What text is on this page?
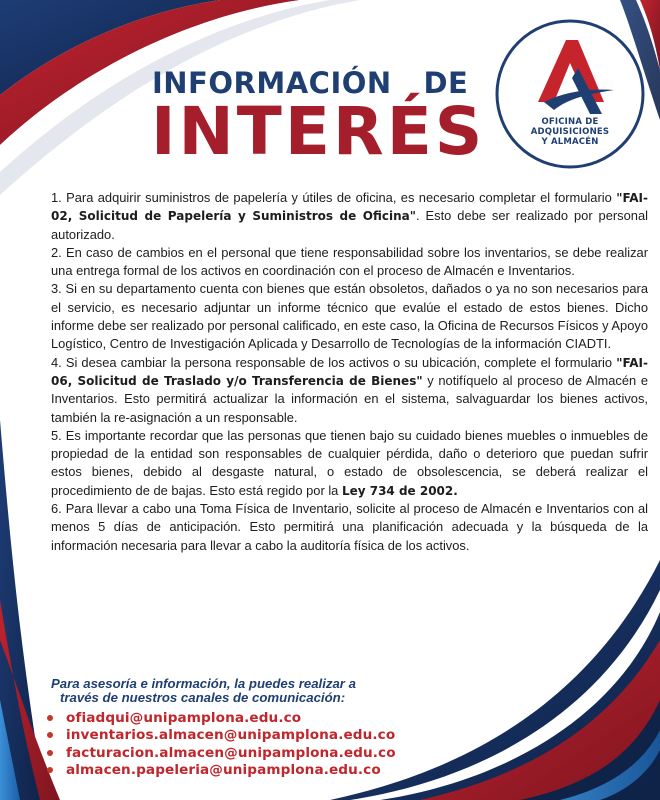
INFORMACIÓN   DE
INTERÉS	OFICINA DE
ADQUISICIONES
Y ALMACÉN

1. Para adquirir suministros de papelería y útiles de oficina, es necesario completar el formulario "FAI-02, Solicitud de Papelería y Suministros de Oficina". Esto debe ser realizado por personal autorizado.

2. En caso de cambios en el personal que tiene responsabilidad sobre los inventarios, se debe realizar una entrega formal de los activos en coordinación con el proceso de Almacén e Inventarios.

3. Si en su departamento cuenta con bienes que están obsoletos, dañados o ya no son necesarios para el servicio, es necesario adjuntar un informe técnico que evalúe el estado de estos bienes. Dicho informe debe ser realizado por personal calificado, en este caso, la Oficina de Recursos Físicos y Apoyo Logístico, Centro de Investigación Aplicada y Desarrollo de Tecnologías de la información CIADTI.

4. Si desea cambiar la persona responsable de los activos o su ubicación, complete el formulario "FAI-06, Solicitud de Traslado y/o Transferencia de Bienes" y notifíquelo al proceso de Almacén e Inventarios. Esto permitirá actualizar la información en el sistema, salvaguardar los bienes activos, también la re-asignación a un responsable.

5. Es importante recordar que las personas que tienen bajo su cuidado bienes muebles o inmuebles de propiedad de la entidad son responsables de cualquier pérdida, daño o deterioro que puedan sufrir estos bienes, debido al desgaste natural, o estado de obsolescencia, se deberá realizar el procedimiento de de bajas. Esto está regido por la Ley 734 de 2002.

6. Para llevar a cabo una Toma Física de Inventario, solicite al proceso de Almacén e Inventarios con al menos 5 días de anticipación. Esto permitirá una planificación adecuada y la búsqueda de la información necesaria para llevar a cabo la auditoría física de los activos.

Para asesoría e información, la puedes realizar a
través de nuestros canales de comunicación:
ofiadqui@unipamplona.edu.co
inventarios.almacen@unipamplona.edu.co
facturacion.almacen@unipamplona.edu.co
almacen.papeleria@unipamplona.edu.co
